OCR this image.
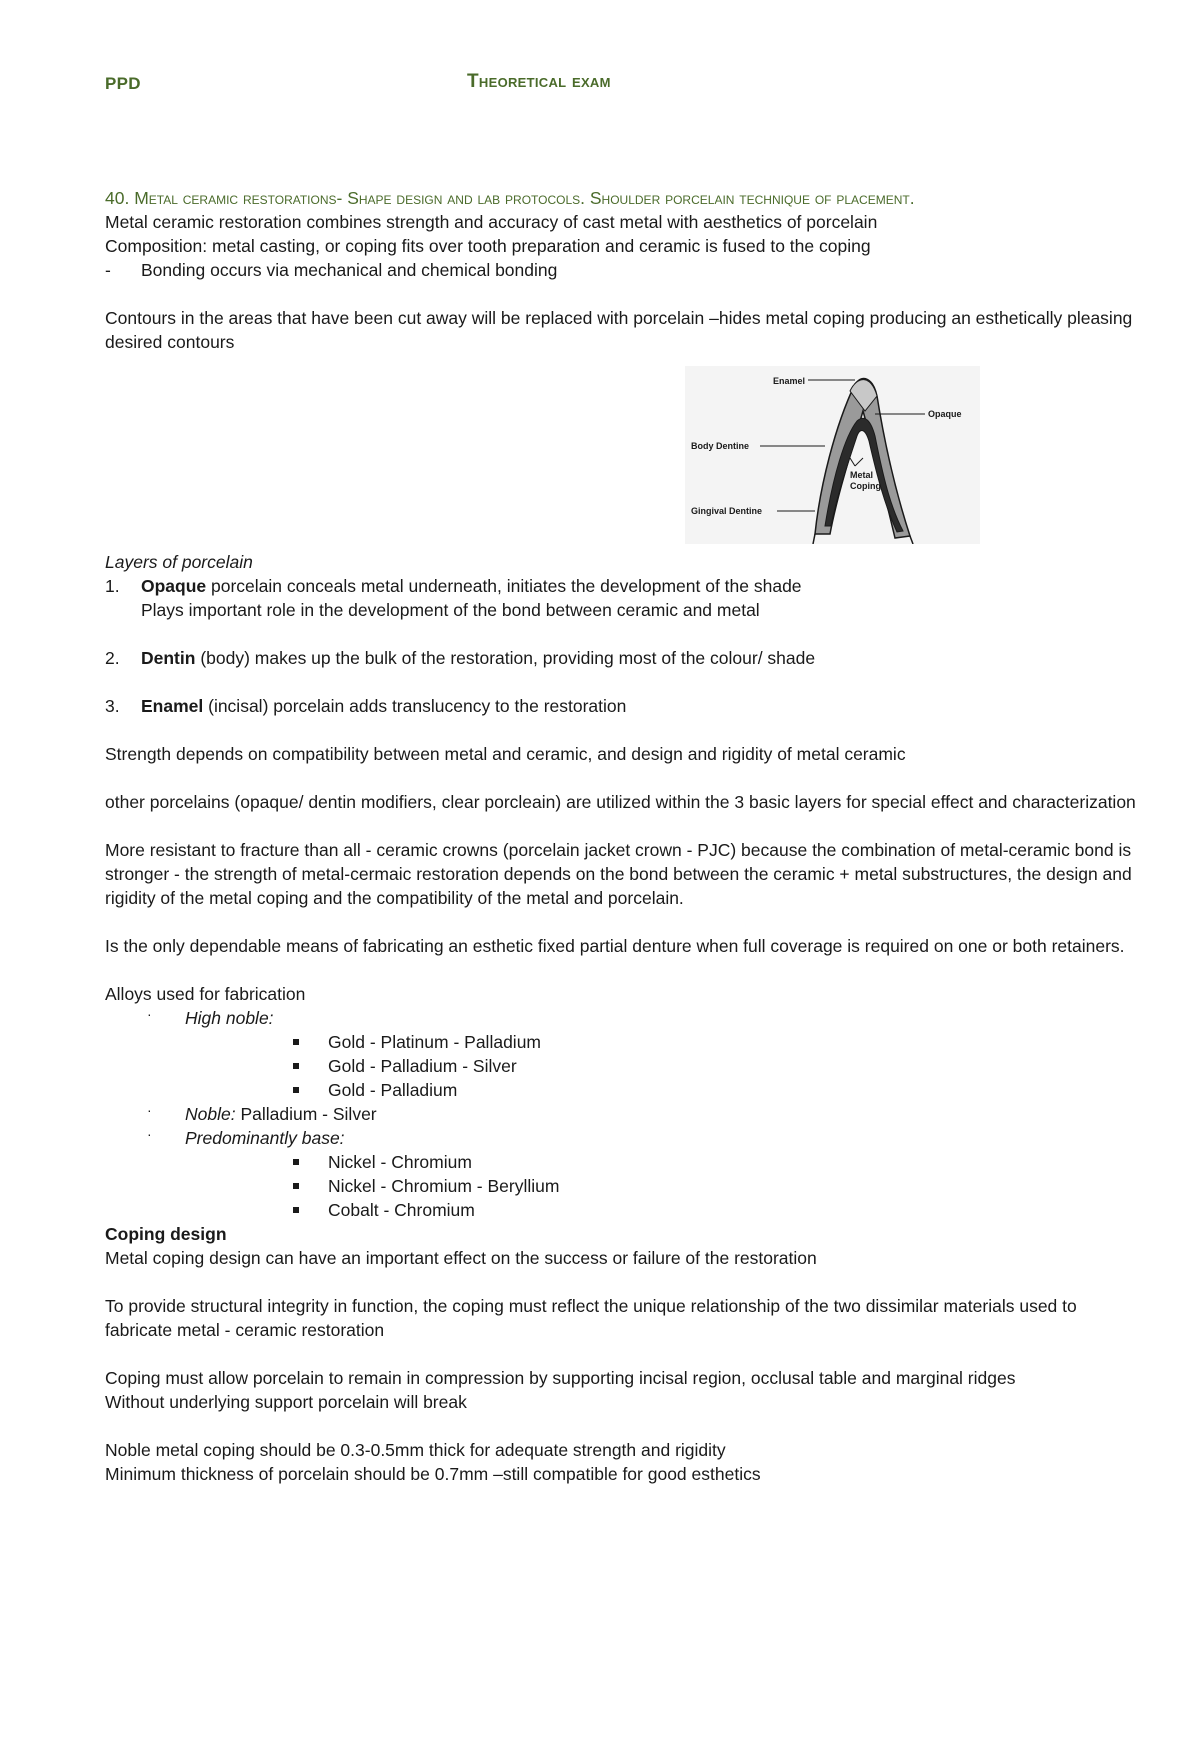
PPD	Theoretical exam

40. Metal ceramic restorations- Shape design and lab protocols. Shoulder porcelain technique of placement.

Metal ceramic restoration combines strength and accuracy of cast metal with aesthetics of porcelain

Composition: metal casting, or coping fits over tooth preparation and ceramic is fused to the coping

- Bonding occurs via mechanical and chemical bonding

Contours in the areas that have been cut away will be replaced with porcelain –hides metal coping producing an esthetically pleasing desired contours

Enamel
Opaque
Body Dentine
Metal
Coping
Gingival Dentine

Layers of porcelain

1. Opaque porcelain conceals metal underneath, initiates the development of the shade

Plays important role in the development of the bond between ceramic and metal

2. Dentin (body) makes up the bulk of the restoration, providing most of the colour/ shade

3. Enamel (incisal) porcelain adds translucency to the restoration

Strength depends on compatibility between metal and ceramic, and design and rigidity of metal ceramic

other porcelains (opaque/ dentin modifiers, clear porcleain) are utilized within the 3 basic layers for special effect and characterization

More resistant to fracture than all - ceramic crowns (porcelain jacket crown - PJC) because the combination of metal-ceramic bond is stronger - the strength of metal-cermaic restoration depends on the bond between the ceramic + metal substructures, the design and rigidity of the metal coping and the compatibility of the metal and porcelain.

Is the only dependable means of fabricating an esthetic fixed partial denture when full coverage is required on one or both retainers.

Alloys used for fabrication

· High noble:

Gold - Platinum - Palladium

Gold - Palladium - Silver

Gold - Palladium

· Noble: Palladium - Silver

· Predominantly base:

Nickel - Chromium

Nickel - Chromium - Beryllium

Cobalt - Chromium

Coping design

Metal coping design can have an important effect on the success or failure of the restoration

To provide structural integrity in function, the coping must reflect the unique relationship of the two dissimilar materials used to fabricate metal - ceramic restoration

Coping must allow porcelain to remain in compression by supporting incisal region, occlusal table and marginal ridges

Without underlying support porcelain will break

Noble metal coping should be 0.3-0.5mm thick for adequate strength and rigidity

Minimum thickness of porcelain should be 0.7mm –still compatible for good esthetics
